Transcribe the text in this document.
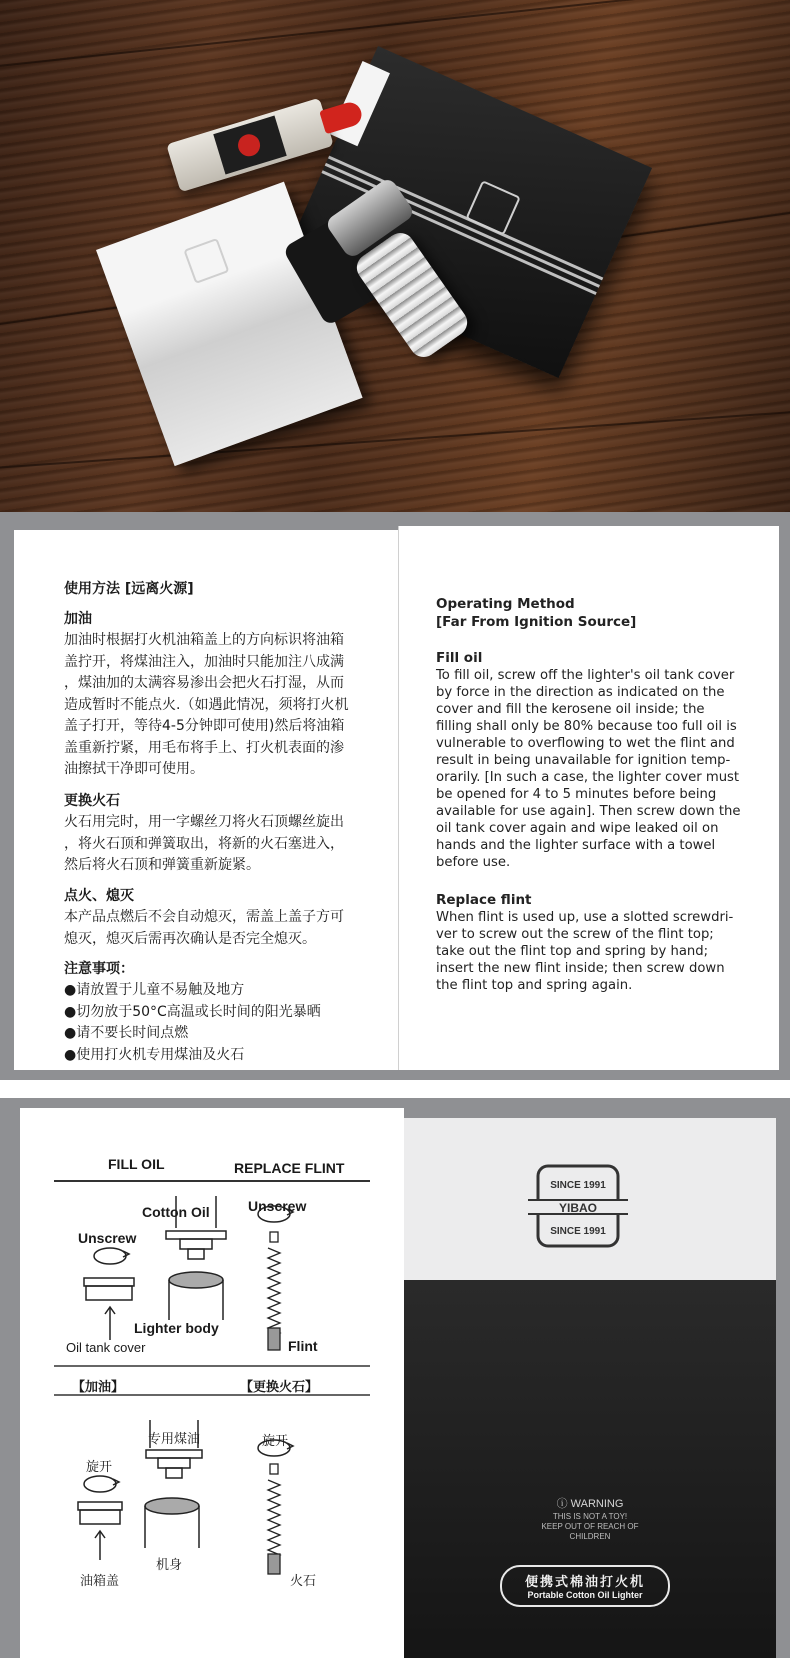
使用方法 [远离火源]
加油
加油时根据打火机油箱盖上的方向标识将油箱
盖拧开，将煤油注入，加油时只能加注八成满
，煤油加的太满容易渗出会把火石打湿，从而
造成暂时不能点火.（如遇此情况，须将打火机
盖子打开，等待4-5分钟即可使用)然后将油箱
盖重新拧紧，用毛布将手上、打火机表面的渗
油擦拭干净即可使用。
更换火石
火石用完时，用一字螺丝刀将火石顶螺丝旋出
，将火石顶和弹簧取出，将新的火石塞进入，
然后将火石顶和弹簧重新旋紧。
点火、熄灭
本产品点燃后不会自动熄灭，需盖上盖子方可
熄灭，熄灭后需再次确认是否完全熄灭。
注意事项：
●请放置于儿童不易触及地方
●切勿放于50°C高温或长时间的阳光暴晒
●请不要长时间点燃
●使用打火机专用煤油及火石
Operating Method
[Far From Ignition Source]
Fill oil
To fill oil, screw off the lighter's oil tank cover
by force in the direction as indicated on the
cover and fill the kerosene oil inside; the
filling shall only be 80% because too full oil is
vulnerable to overflowing to wet the flint and
result in being unavailable for ignition temp-
orarily. [In such a case, the lighter cover must
be opened for 4 to 5 minutes before being
available for use again]. Then screw down the
oil tank cover again and wipe leaked oil on
hands and the lighter surface with a towel
before use.
Replace flint
When flint is used up, use a slotted screwdri-
ver to screw out the screw of the flint top;
take out the flint top and spring by hand;
insert the new flint inside; then screw down
the flint top and spring again.
FILL OIL	REPLACE FLINT
Cotton Oil
Unscrew
Unscrew
Lighter body
Oil tank cover	Flint
【加油】	【更换火石】
专用煤油
旋开
旋开
机身
油箱盖	火石
SINCE 1991
YIBAO
SINCE 1991
ⓘ WARNING
THIS IS NOT A TOY!
KEEP OUT OF REACH OF
CHILDREN
便携式棉油打火机
Portable Cotton Oil Lighter
